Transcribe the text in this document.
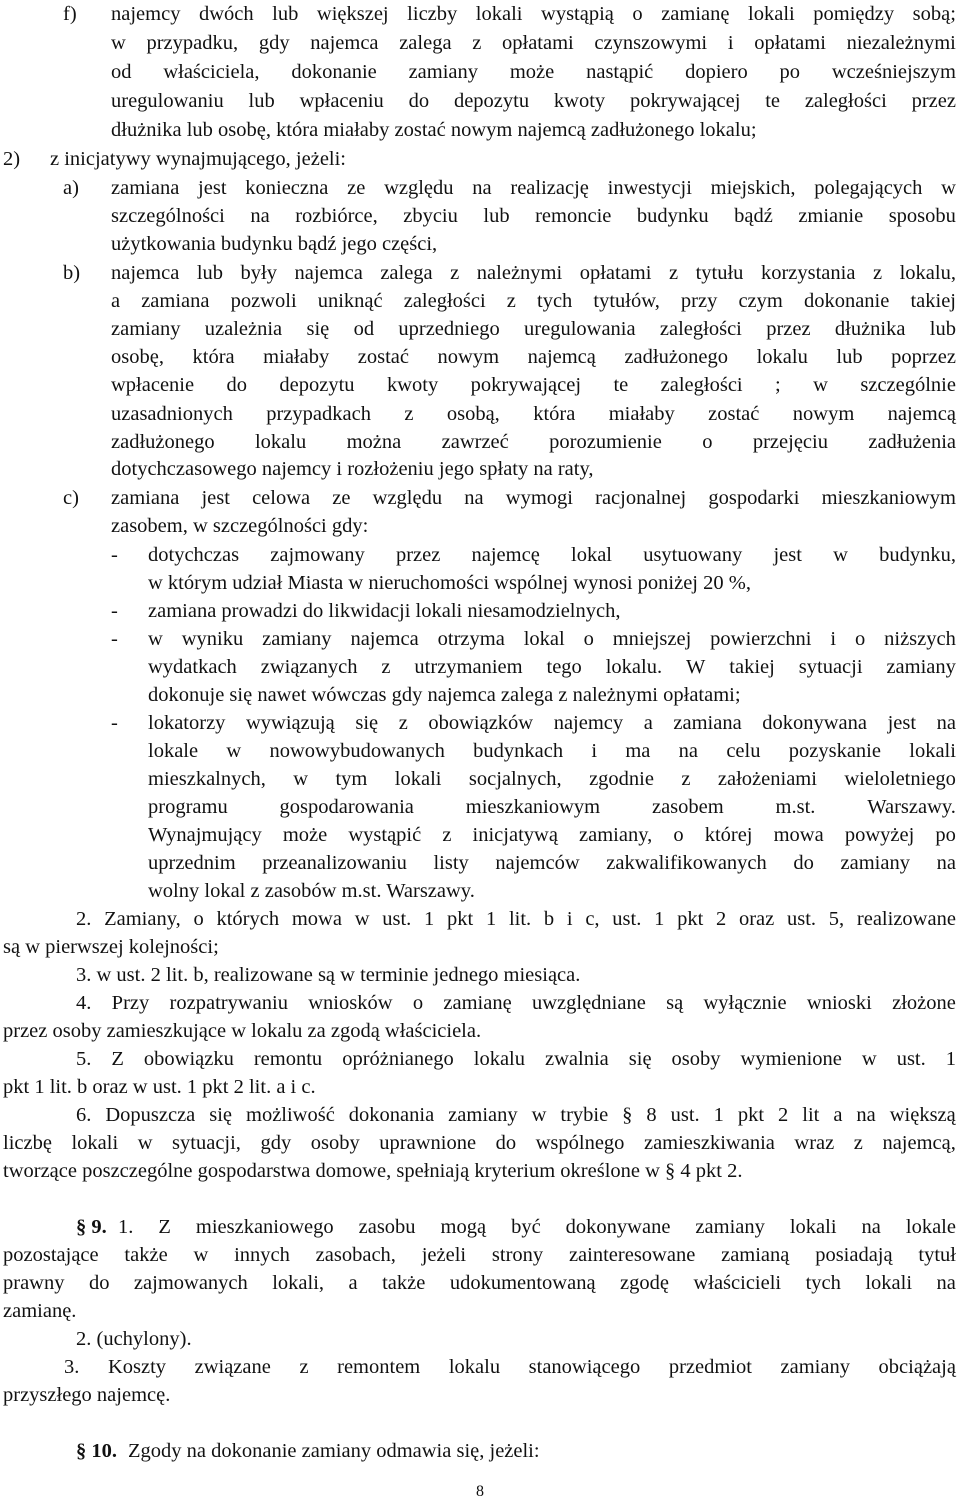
f) najemcy dwóch lub większej liczby lokali wystąpią o zamianę lokali pomiędzy sobą;
w przypadku, gdy najemca zalega z opłatami czynszowymi i opłatami niezależnymi
od właściciela, dokonanie zamiany może nastąpić dopiero po wcześniejszym
uregulowaniu lub wpłaceniu do depozytu kwoty pokrywającej te zaległości przez
dłużnika lub osobę, która miałaby zostać nowym najemcą zadłużonego lokalu;
2) z inicjatywy wynajmującego, jeżeli:
a) zamiana jest konieczna ze względu na realizację inwestycji miejskich, polegających w
szczególności na rozbiórce, zbyciu lub remoncie budynku bądź zmianie sposobu
użytkowania budynku bądź jego części,
b) najemca lub były najemca zalega z należnymi opłatami z tytułu korzystania z lokalu,
a zamiana pozwoli uniknąć zaległości z tych tytułów, przy czym dokonanie takiej
zamiany uzależnia się od uprzedniego uregulowania zaległości przez dłużnika lub
osobę, która miałaby zostać nowym najemcą zadłużonego lokalu lub poprzez
wpłacenie do depozytu kwoty pokrywającej te zaległości ; w szczególnie
uzasadnionych przypadkach z osobą, która miałaby zostać nowym najemcą
zadłużonego lokalu można zawrzeć porozumienie o przejęciu zadłużenia
dotychczasowego najemcy i rozłożeniu jego spłaty na raty,
c) zamiana jest celowa ze względu na wymogi racjonalnej gospodarki mieszkaniowym
zasobem, w szczególności gdy:
- dotychczas zajmowany przez najemcę lokal usytuowany jest w budynku,
w którym udział Miasta w nieruchomości wspólnej wynosi poniżej 20 %,
- zamiana prowadzi do likwidacji lokali niesamodzielnych,
- w wyniku zamiany najemca otrzyma lokal o mniejszej powierzchni i o niższych
wydatkach związanych z utrzymaniem tego lokalu. W takiej sytuacji zamiany
dokonuje się nawet wówczas gdy najemca zalega z należnymi opłatami;
- lokatorzy wywiązują się z obowiązków najemcy a zamiana dokonywana jest na
lokale w nowowybudowanych budynkach i ma na celu pozyskanie lokali
mieszkalnych, w tym lokali socjalnych, zgodnie z założeniami wieloletniego
programu	gospodarowania	mieszkaniowym	zasobem	m.st.	Warszawy.
Wynajmujący może wystąpić z inicjatywą zamiany, o której mowa powyżej po
uprzednim przeanalizowaniu listy najemców zakwalifikowanych do zamiany na
wolny lokal z zasobów m.st. Warszawy.
2. Zamiany, o których mowa w ust. 1 pkt 1 lit. b i c, ust. 1 pkt 2 oraz ust. 5, realizowane
są w pierwszej kolejności;
3. w ust. 2 lit. b, realizowane są w terminie jednego miesiąca.
4. Przy rozpatrywaniu wniosków o zamianę uwzględniane są wyłącznie wnioski złożone
przez osoby zamieszkujące w lokalu za zgodą właściciela.
5. Z obowiązku remontu opróżnianego lokalu zwalnia się osoby wymienione w ust. 1
pkt 1 lit. b oraz w ust. 1 pkt 2 lit. a i c.
6. Dopuszcza się możliwość dokonania zamiany w trybie § 8 ust. 1 pkt 2 lit a na większą
liczbę lokali w sytuacji, gdy osoby uprawnione do wspólnego zamieszkiwania wraz z najemcą,
tworzące poszczególne gospodarstwa domowe, spełniają kryterium określone w § 4 pkt 2.
§ 9. 1. Z mieszkaniowego zasobu mogą być dokonywane zamiany lokali na lokale
pozostające także w innych zasobach, jeżeli strony zainteresowane zamianą posiadają tytuł
prawny do zajmowanych lokali, a także udokumentowaną zgodę właścicieli tych lokali na
zamianę.
2. (uchylony).
3. Koszty związane z remontem lokalu stanowiącego przedmiot zamiany obciążają
przyszłego najemcę.
§ 10. Zgody na dokonanie zamiany odmawia się, jeżeli:
8
